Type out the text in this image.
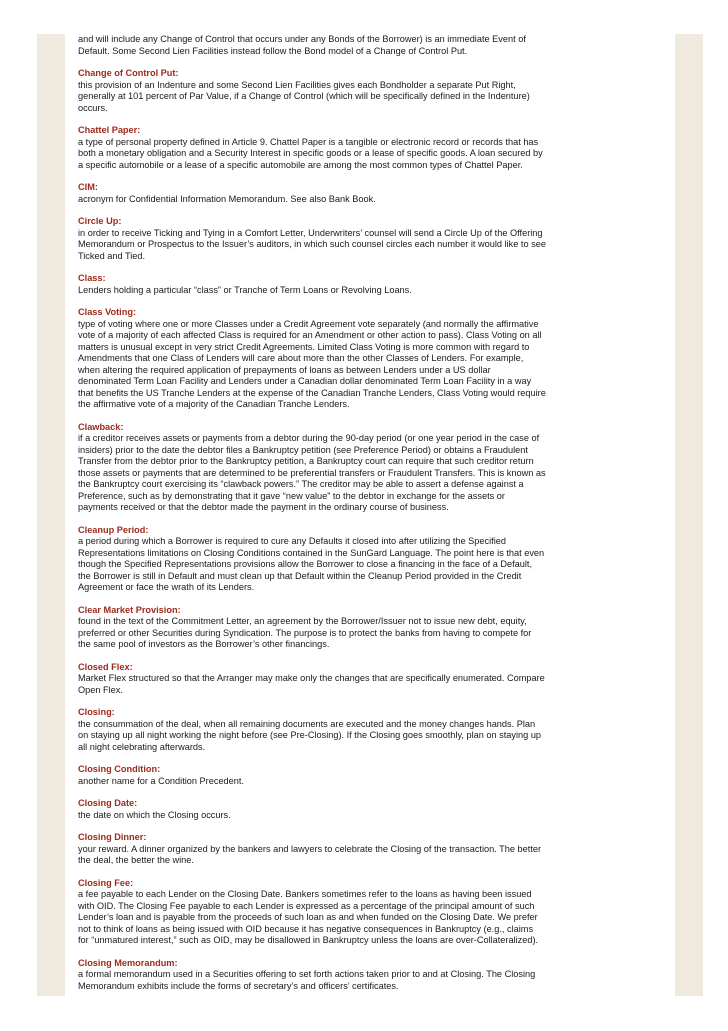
and will include any Change of Control that occurs under any Bonds of the Borrower) is an immediate Event of Default. Some Second Lien Facilities instead follow the Bond model of a Change of Control Put.
Change of Control Put:
this provision of an Indenture and some Second Lien Facilities gives each Bondholder a separate Put Right, generally at 101 percent of Par Value, if a Change of Control (which will be specifically defined in the Indenture) occurs.
Chattel Paper:
a type of personal property defined in Article 9. Chattel Paper is a tangible or electronic record or records that has both a monetary obligation and a Security Interest in specific goods or a lease of specific goods. A loan secured by a specific automobile or a lease of a specific automobile are among the most common types of Chattel Paper.
CIM:
acronym for Confidential Information Memorandum. See also Bank Book.
Circle Up:
in order to receive Ticking and Tying in a Comfort Letter, Underwriters’ counsel will send a Circle Up of the Offering Memorandum or Prospectus to the Issuer’s auditors, in which such counsel circles each number it would like to see Ticked and Tied.
Class:
Lenders holding a particular “class” or Tranche of Term Loans or Revolving Loans.
Class Voting:
type of voting where one or more Classes under a Credit Agreement vote separately (and normally the affirmative vote of a majority of each affected Class is required for an Amendment or other action to pass). Class Voting on all matters is unusual except in very strict Credit Agreements. Limited Class Voting is more common with regard to Amendments that one Class of Lenders will care about more than the other Classes of Lenders. For example, when altering the required application of prepayments of loans as between Lenders under a US dollar denominated Term Loan Facility and Lenders under a Canadian dollar denominated Term Loan Facility in a way that benefits the US Tranche Lenders at the expense of the Canadian Tranche Lenders, Class Voting would require the affirmative vote of a majority of the Canadian Tranche Lenders.
Clawback:
if a creditor receives assets or payments from a debtor during the 90-day period (or one year period in the case of insiders) prior to the date the debtor files a Bankruptcy petition (see Preference Period) or obtains a Fraudulent Transfer from the debtor prior to the Bankruptcy petition, a Bankruptcy court can require that such creditor return those assets or payments that are determined to be preferential transfers or Fraudulent Transfers. This is known as the Bankruptcy court exercising its “clawback powers.” The creditor may be able to assert a defense against a Preference, such as by demonstrating that it gave “new value” to the debtor in exchange for the assets or payments received or that the debtor made the payment in the ordinary course of business.
Cleanup Period:
a period during which a Borrower is required to cure any Defaults it closed into after utilizing the Specified Representations limitations on Closing Conditions contained in the SunGard Language. The point here is that even though the Specified Representations provisions allow the Borrower to close a financing in the face of a Default, the Borrower is still in Default and must clean up that Default within the Cleanup Period provided in the Credit Agreement or face the wrath of its Lenders.
Clear Market Provision:
found in the text of the Commitment Letter, an agreement by the Borrower/Issuer not to issue new debt, equity, preferred or other Securities during Syndication. The purpose is to protect the banks from having to compete for the same pool of investors as the Borrower’s other financings.
Closed Flex:
Market Flex structured so that the Arranger may make only the changes that are specifically enumerated. Compare Open Flex.
Closing:
the consummation of the deal, when all remaining documents are executed and the money changes hands. Plan on staying up all night working the night before (see Pre-Closing). If the Closing goes smoothly, plan on staying up all night celebrating afterwards.
Closing Condition:
another name for a Condition Precedent.
Closing Date:
the date on which the Closing occurs.
Closing Dinner:
your reward. A dinner organized by the bankers and lawyers to celebrate the Closing of the transaction. The better the deal, the better the wine.
Closing Fee:
a fee payable to each Lender on the Closing Date. Bankers sometimes refer to the loans as having been issued with OID. The Closing Fee payable to each Lender is expressed as a percentage of the principal amount of such Lender’s loan and is payable from the proceeds of such loan as and when funded on the Closing Date. We prefer not to think of loans as being issued with OID because it has negative consequences in Bankruptcy (e.g., claims for “unmatured interest,” such as OID, may be disallowed in Bankruptcy unless the loans are over-Collateralized).
Closing Memorandum:
a formal memorandum used in a Securities offering to set forth actions taken prior to and at Closing. The Closing Memorandum exhibits include the forms of secretary’s and officers’ certificates.
